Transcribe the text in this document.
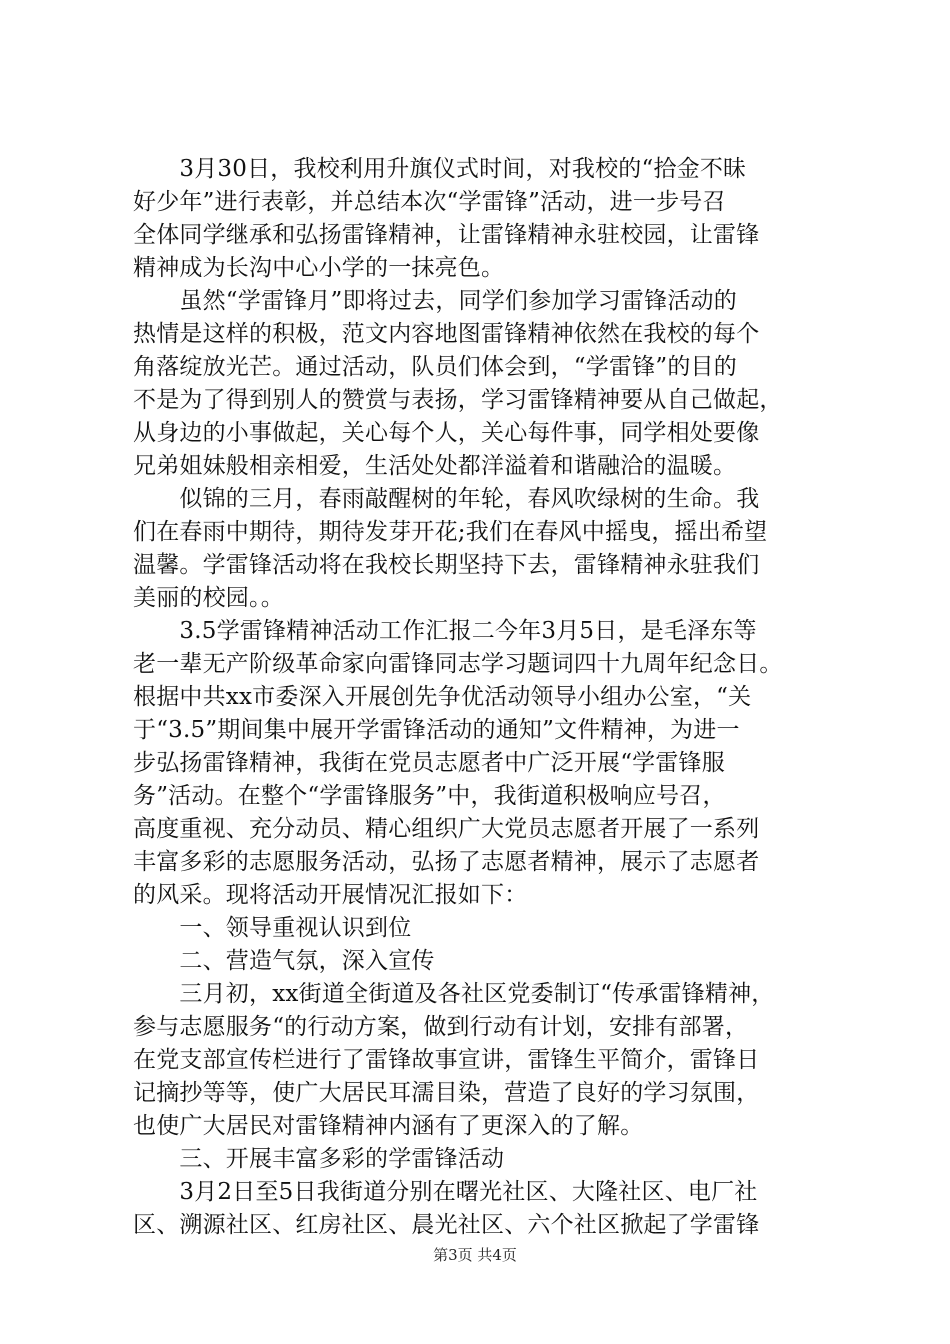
　　3月30日，我校利用升旗仪式时间，对我校的“拾金不昧
好少年”进行表彰，并总结本次“学雷锋”活动，进一步号召
全体同学继承和弘扬雷锋精神，让雷锋精神永驻校园，让雷锋
精神成为长沟中心小学的一抹亮色。
　　虽然“学雷锋月”即将过去，同学们参加学习雷锋活动的
热情是这样的积极，范文内容地图雷锋精神依然在我校的每个
角落绽放光芒。通过活动，队员们体会到，“学雷锋”的目的
不是为了得到别人的赞赏与表扬，学习雷锋精神要从自己做起，
从身边的小事做起，关心每个人，关心每件事，同学相处要像
兄弟姐妹般相亲相爱，生活处处都洋溢着和谐融洽的温暖。
　　似锦的三月，春雨敲醒树的年轮，春风吹绿树的生命。我
们在春雨中期待，期待发芽开花;我们在春风中摇曳，摇出希望
温馨。学雷锋活动将在我校长期坚持下去，雷锋精神永驻我们
美丽的校园。。
　　3.5学雷锋精神活动工作汇报二今年3月5日，是毛泽东等
老一辈无产阶级革命家向雷锋同志学习题词四十九周年纪念日。
根据中共xx市委深入开展创先争优活动领导小组办公室，“关
于“3.5”期间集中展开学雷锋活动的通知”文件精神，为进一
步弘扬雷锋精神，我街在党员志愿者中广泛开展“学雷锋服
务”活动。在整个“学雷锋服务”中，我街道积极响应号召，
高度重视、充分动员、精心组织广大党员志愿者开展了一系列
丰富多彩的志愿服务活动，弘扬了志愿者精神，展示了志愿者
的风采。现将活动开展情况汇报如下：
　　一、领导重视认识到位
　　二、营造气氛，深入宣传
　　三月初，xx街道全街道及各社区党委制订“传承雷锋精神，
参与志愿服务“的行动方案，做到行动有计划，安排有部署，
在党支部宣传栏进行了雷锋故事宣讲，雷锋生平简介，雷锋日
记摘抄等等，使广大居民耳濡目染，营造了良好的学习氛围，
也使广大居民对雷锋精神内涵有了更深入的了解。
　　三、开展丰富多彩的学雷锋活动
　　3月2日至5日我街道分别在曙光社区、大隆社区、电厂社
区、溯源社区、红房社区、晨光社区、六个社区掀起了学雷锋
第3页 共4页
